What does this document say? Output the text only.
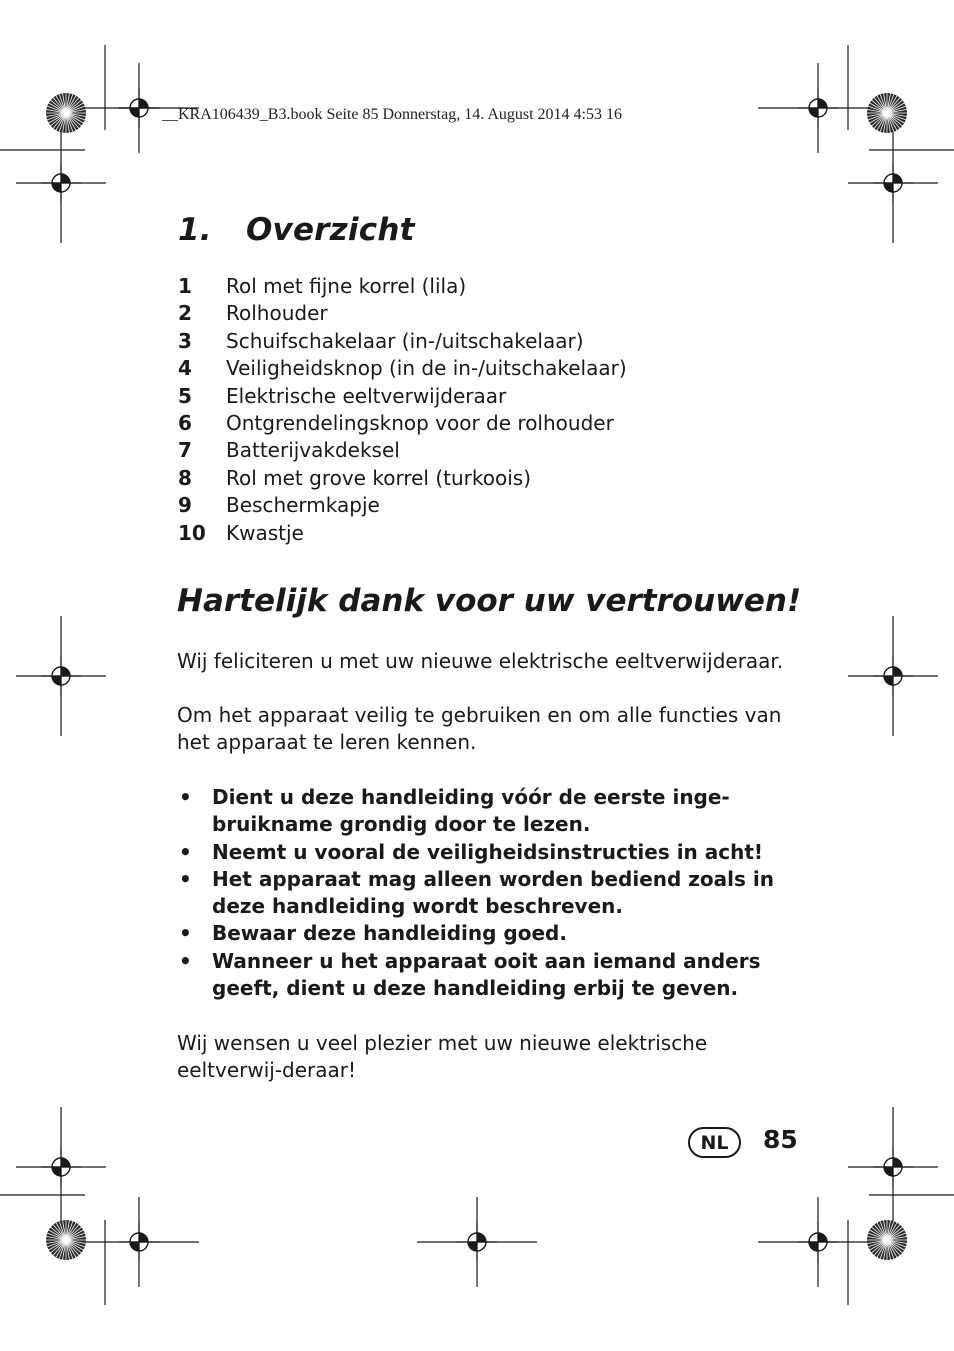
__KRA106439_B3.book Seite 85 Donnerstag, 14. August 2014 4:53 16
1. Overzicht
1 Rol met fijne korrel (lila)
2 Rolhouder
3 Schuifschakelaar (in-/uitschakelaar)
4 Veiligheidsknop (in de in-/uitschakelaar)
5 Elektrische eeltverwijderaar
6 Ontgrendelingsknop voor de rolhouder
7 Batterijvakdeksel
8 Rol met grove korrel (turkoois)
9 Beschermkapje
10 Kwastje
Hartelijk dank voor uw vertrouwen!

Wij feliciteren u met uw nieuwe elektrische eeltverwijderaar.

Om het apparaat veilig te gebruiken en om alle functies van het apparaat te leren kennen.

• Dient u deze handleiding vóór de eerste inge-bruikname grondig door te lezen.
• Neemt u vooral de veiligheidsinstructies in acht!
• Het apparaat mag alleen worden bediend zoals in deze handleiding wordt beschreven.
• Bewaar deze handleiding goed.
• Wanneer u het apparaat ooit aan iemand anders geeft, dient u deze handleiding erbij te geven.

Wij wensen u veel plezier met uw nieuwe elektrische eeltverwij-deraar!

NL	85
